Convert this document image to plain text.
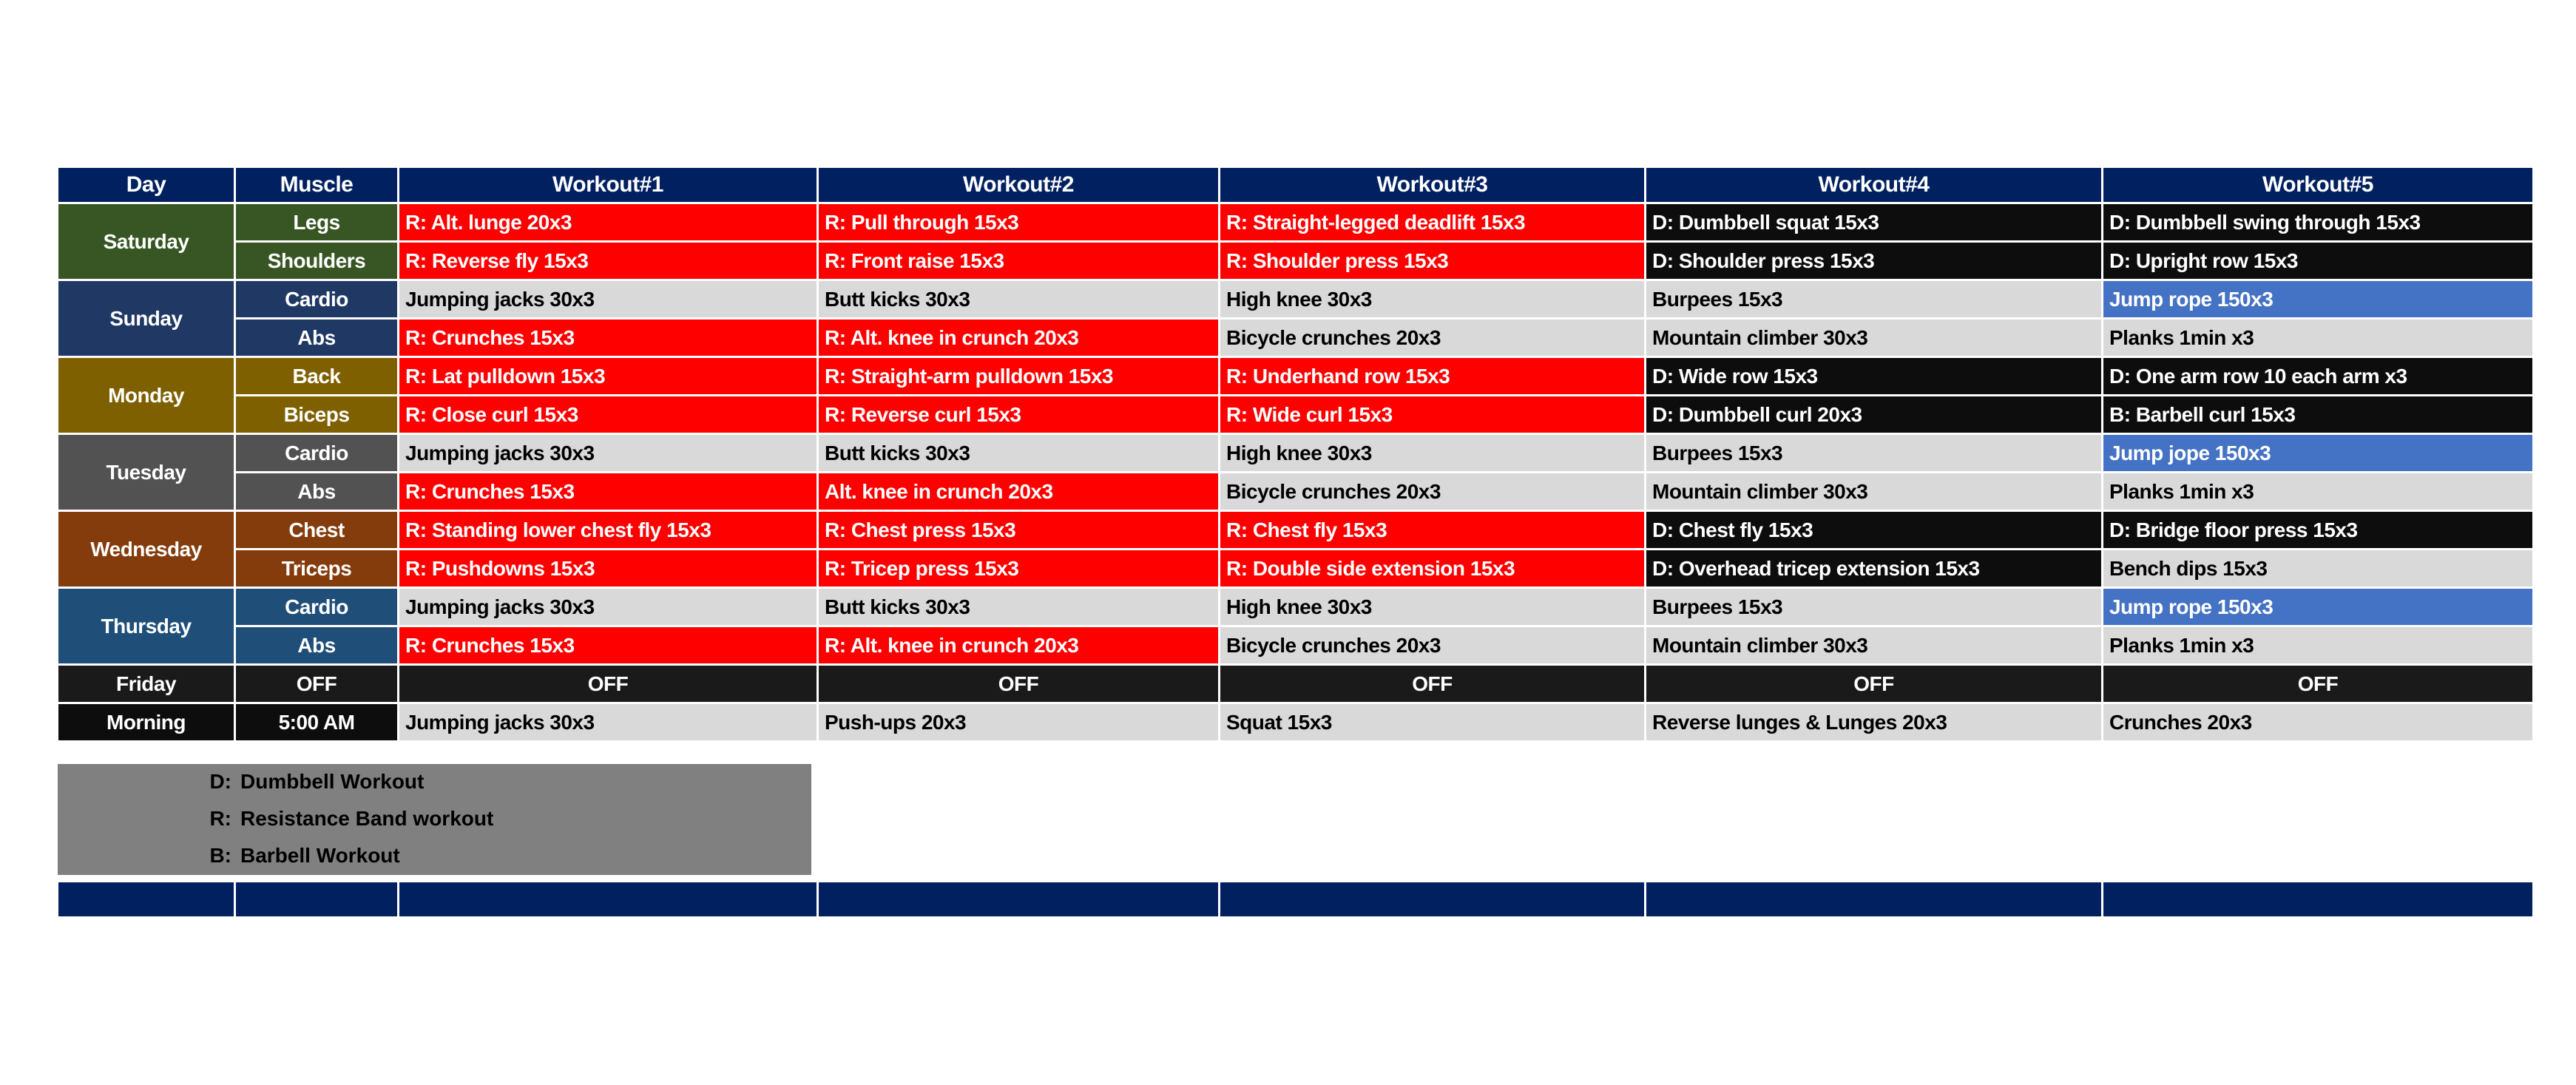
Day	Muscle	Workout#1	Workout#2	Workout#3	Workout#4	Workout#5
Saturday	Legs	R: Alt. lunge 20x3	R: Pull through 15x3	R: Straight-legged deadlift 15x3	D: Dumbbell squat 15x3	D: Dumbbell swing through 15x3
	Shoulders	R: Reverse fly 15x3	R: Front raise 15x3	R: Shoulder press 15x3	D: Shoulder press 15x3	D: Upright row 15x3
Sunday	Cardio	Jumping jacks 30x3	Butt kicks 30x3	High knee 30x3	Burpees 15x3	Jump rope 150x3
	Abs	R: Crunches 15x3	R: Alt. knee in crunch 20x3	Bicycle crunches 20x3	Mountain climber 30x3	Planks 1min x3
Monday	Back	R: Lat pulldown 15x3	R: Straight-arm pulldown 15x3	R: Underhand row 15x3	D: Wide row 15x3	D: One arm row 10 each arm x3
	Biceps	R: Close curl 15x3	R: Reverse curl 15x3	R: Wide curl 15x3	D: Dumbbell curl 20x3	B: Barbell curl 15x3
Tuesday	Cardio	Jumping jacks 30x3	Butt kicks 30x3	High knee 30x3	Burpees 15x3	Jump jope 150x3
	Abs	R: Crunches 15x3	Alt. knee in crunch 20x3	Bicycle crunches 20x3	Mountain climber 30x3	Planks 1min x3
Wednesday	Chest	R: Standing lower chest fly 15x3	R: Chest press 15x3	R: Chest fly 15x3	D: Chest fly 15x3	D: Bridge floor press 15x3
	Triceps	R: Pushdowns 15x3	R: Tricep press 15x3	R: Double side extension 15x3	D: Overhead tricep extension 15x3	Bench dips 15x3
Thursday	Cardio	Jumping jacks 30x3	Butt kicks 30x3	High knee 30x3	Burpees 15x3	Jump rope 150x3
	Abs	R: Crunches 15x3	R: Alt. knee in crunch 20x3	Bicycle crunches 20x3	Mountain climber 30x3	Planks 1min x3
Friday	OFF	OFF	OFF	OFF	OFF	OFF
Morning	5:00 AM	Jumping jacks 30x3	Push-ups 20x3	Squat 15x3	Reverse lunges & Lunges 20x3	Crunches 20x3
D: Dumbbell Workout
R: Resistance Band workout
B: Barbell Workout
